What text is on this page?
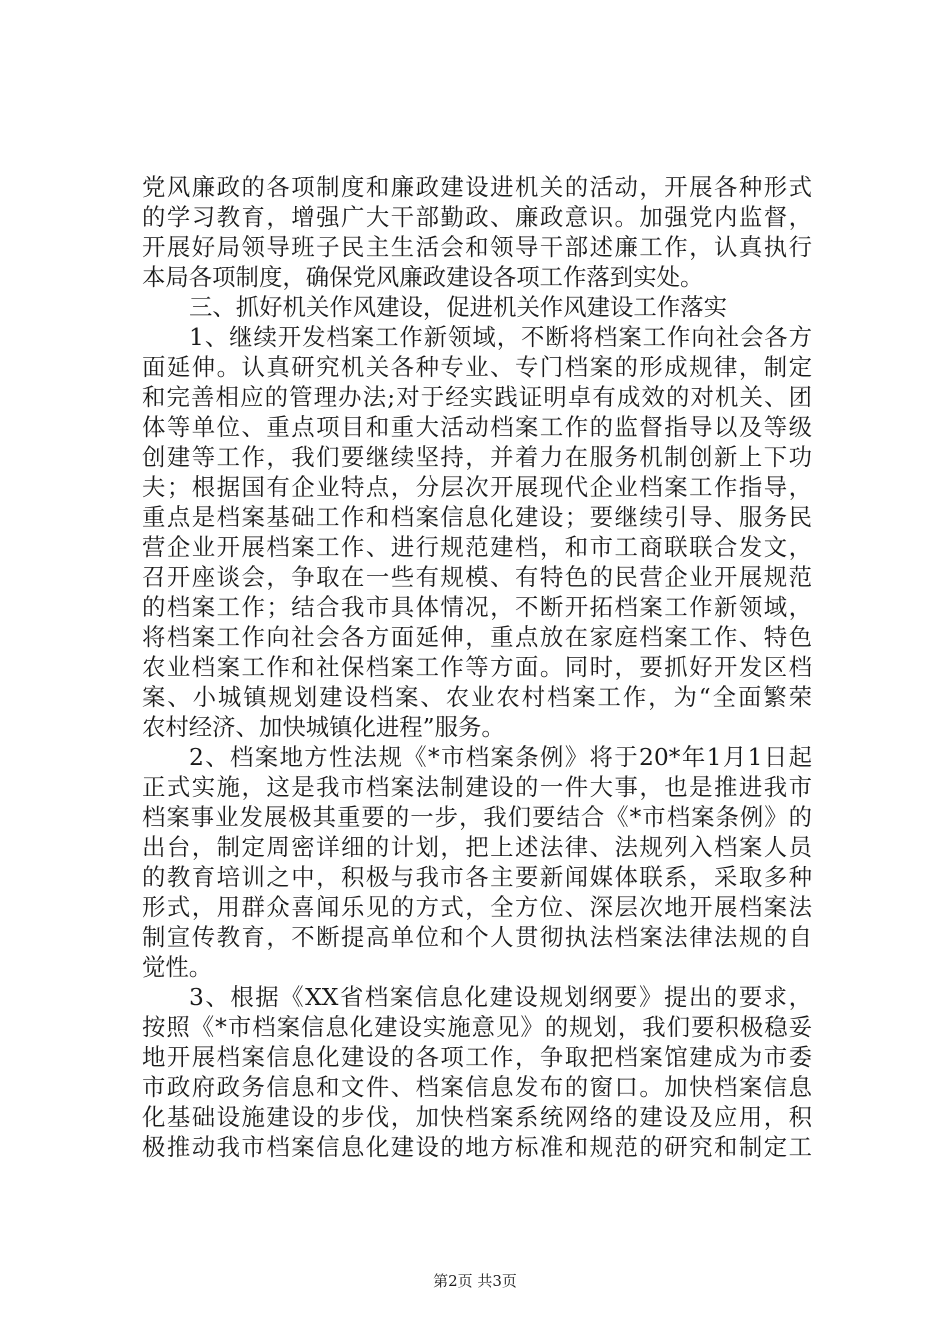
党风廉政的各项制度和廉政建设进机关的活动，开展各种形式
的学习教育，增强广大干部勤政、廉政意识。加强党内监督，
开展好局领导班子民主生活会和领导干部述廉工作，认真执行
本局各项制度，确保党风廉政建设各项工作落到实处。
三、抓好机关作风建设，促进机关作风建设工作落实
1、继续开发档案工作新领域，不断将档案工作向社会各方
面延伸。认真研究机关各种专业、专门档案的形成规律，制定
和完善相应的管理办法;对于经实践证明卓有成效的对机关、团
体等单位、重点项目和重大活动档案工作的监督指导以及等级
创建等工作，我们要继续坚持，并着力在服务机制创新上下功
夫；根据国有企业特点，分层次开展现代企业档案工作指导，
重点是档案基础工作和档案信息化建设；要继续引导、服务民
营企业开展档案工作、进行规范建档，和市工商联联合发文，
召开座谈会，争取在一些有规模、有特色的民营企业开展规范
的档案工作；结合我市具体情况，不断开拓档案工作新领域，
将档案工作向社会各方面延伸，重点放在家庭档案工作、特色
农业档案工作和社保档案工作等方面。同时，要抓好开发区档
案、小城镇规划建设档案、农业农村档案工作，为“全面繁荣
农村经济、加快城镇化进程”服务。
2、档案地方性法规《*市档案条例》将于20*年1月1日起
正式实施，这是我市档案法制建设的一件大事，也是推进我市
档案事业发展极其重要的一步，我们要结合《*市档案条例》的
出台，制定周密详细的计划，把上述法律、法规列入档案人员
的教育培训之中，积极与我市各主要新闻媒体联系，采取多种
形式，用群众喜闻乐见的方式，全方位、深层次地开展档案法
制宣传教育，不断提高单位和个人贯彻执法档案法律法规的自
觉性。
3、根据《XX省档案信息化建设规划纲要》提出的要求，
按照《*市档案信息化建设实施意见》的规划，我们要积极稳妥
地开展档案信息化建设的各项工作，争取把档案馆建成为市委
市政府政务信息和文件、档案信息发布的窗口。加快档案信息
化基础设施建设的步伐，加快档案系统网络的建设及应用，积
极推动我市档案信息化建设的地方标准和规范的研究和制定工
第2页 共3页
